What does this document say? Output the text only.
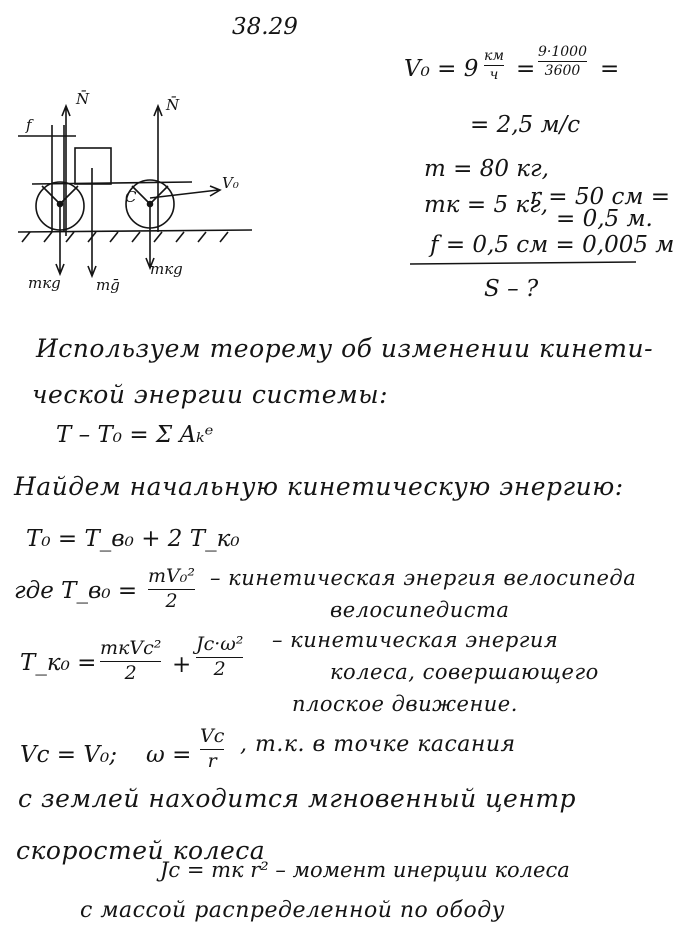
38.29
f
N̄	N̄
C
V₀
mкg mḡ
mкg
V₀ = 9 км
ч =
9·1000
3600 =
= 2,5 м/с
m = 80 кг,
mк = 5 кг,
r = 50 см =
= 0,5 м.
f = 0,5 см = 0,005 м
S – ?
Используем теорему об изменении кинети-
ческой энергии системы:
T – T₀ = Σ Aₖᵉ
Найдем начальную кинетическую энергию:
T₀ = T_в₀ + 2 T_к₀
где T_в₀ =
mV₀²
2
– кинетическая энергия велосипеда
велосипедиста
T_к₀ =
mкVc²
2 +
Jc·ω²
2
– кинетическая энергия
колеса, совершающего
плоское движение.
Vc = V₀; ω =
Vc
r
, т.к. в точке касания
с землей находится мгновенный центр
скоростей колеса
Jc = mк r² – момент инерции колеса
с массой распределенной по ободу
